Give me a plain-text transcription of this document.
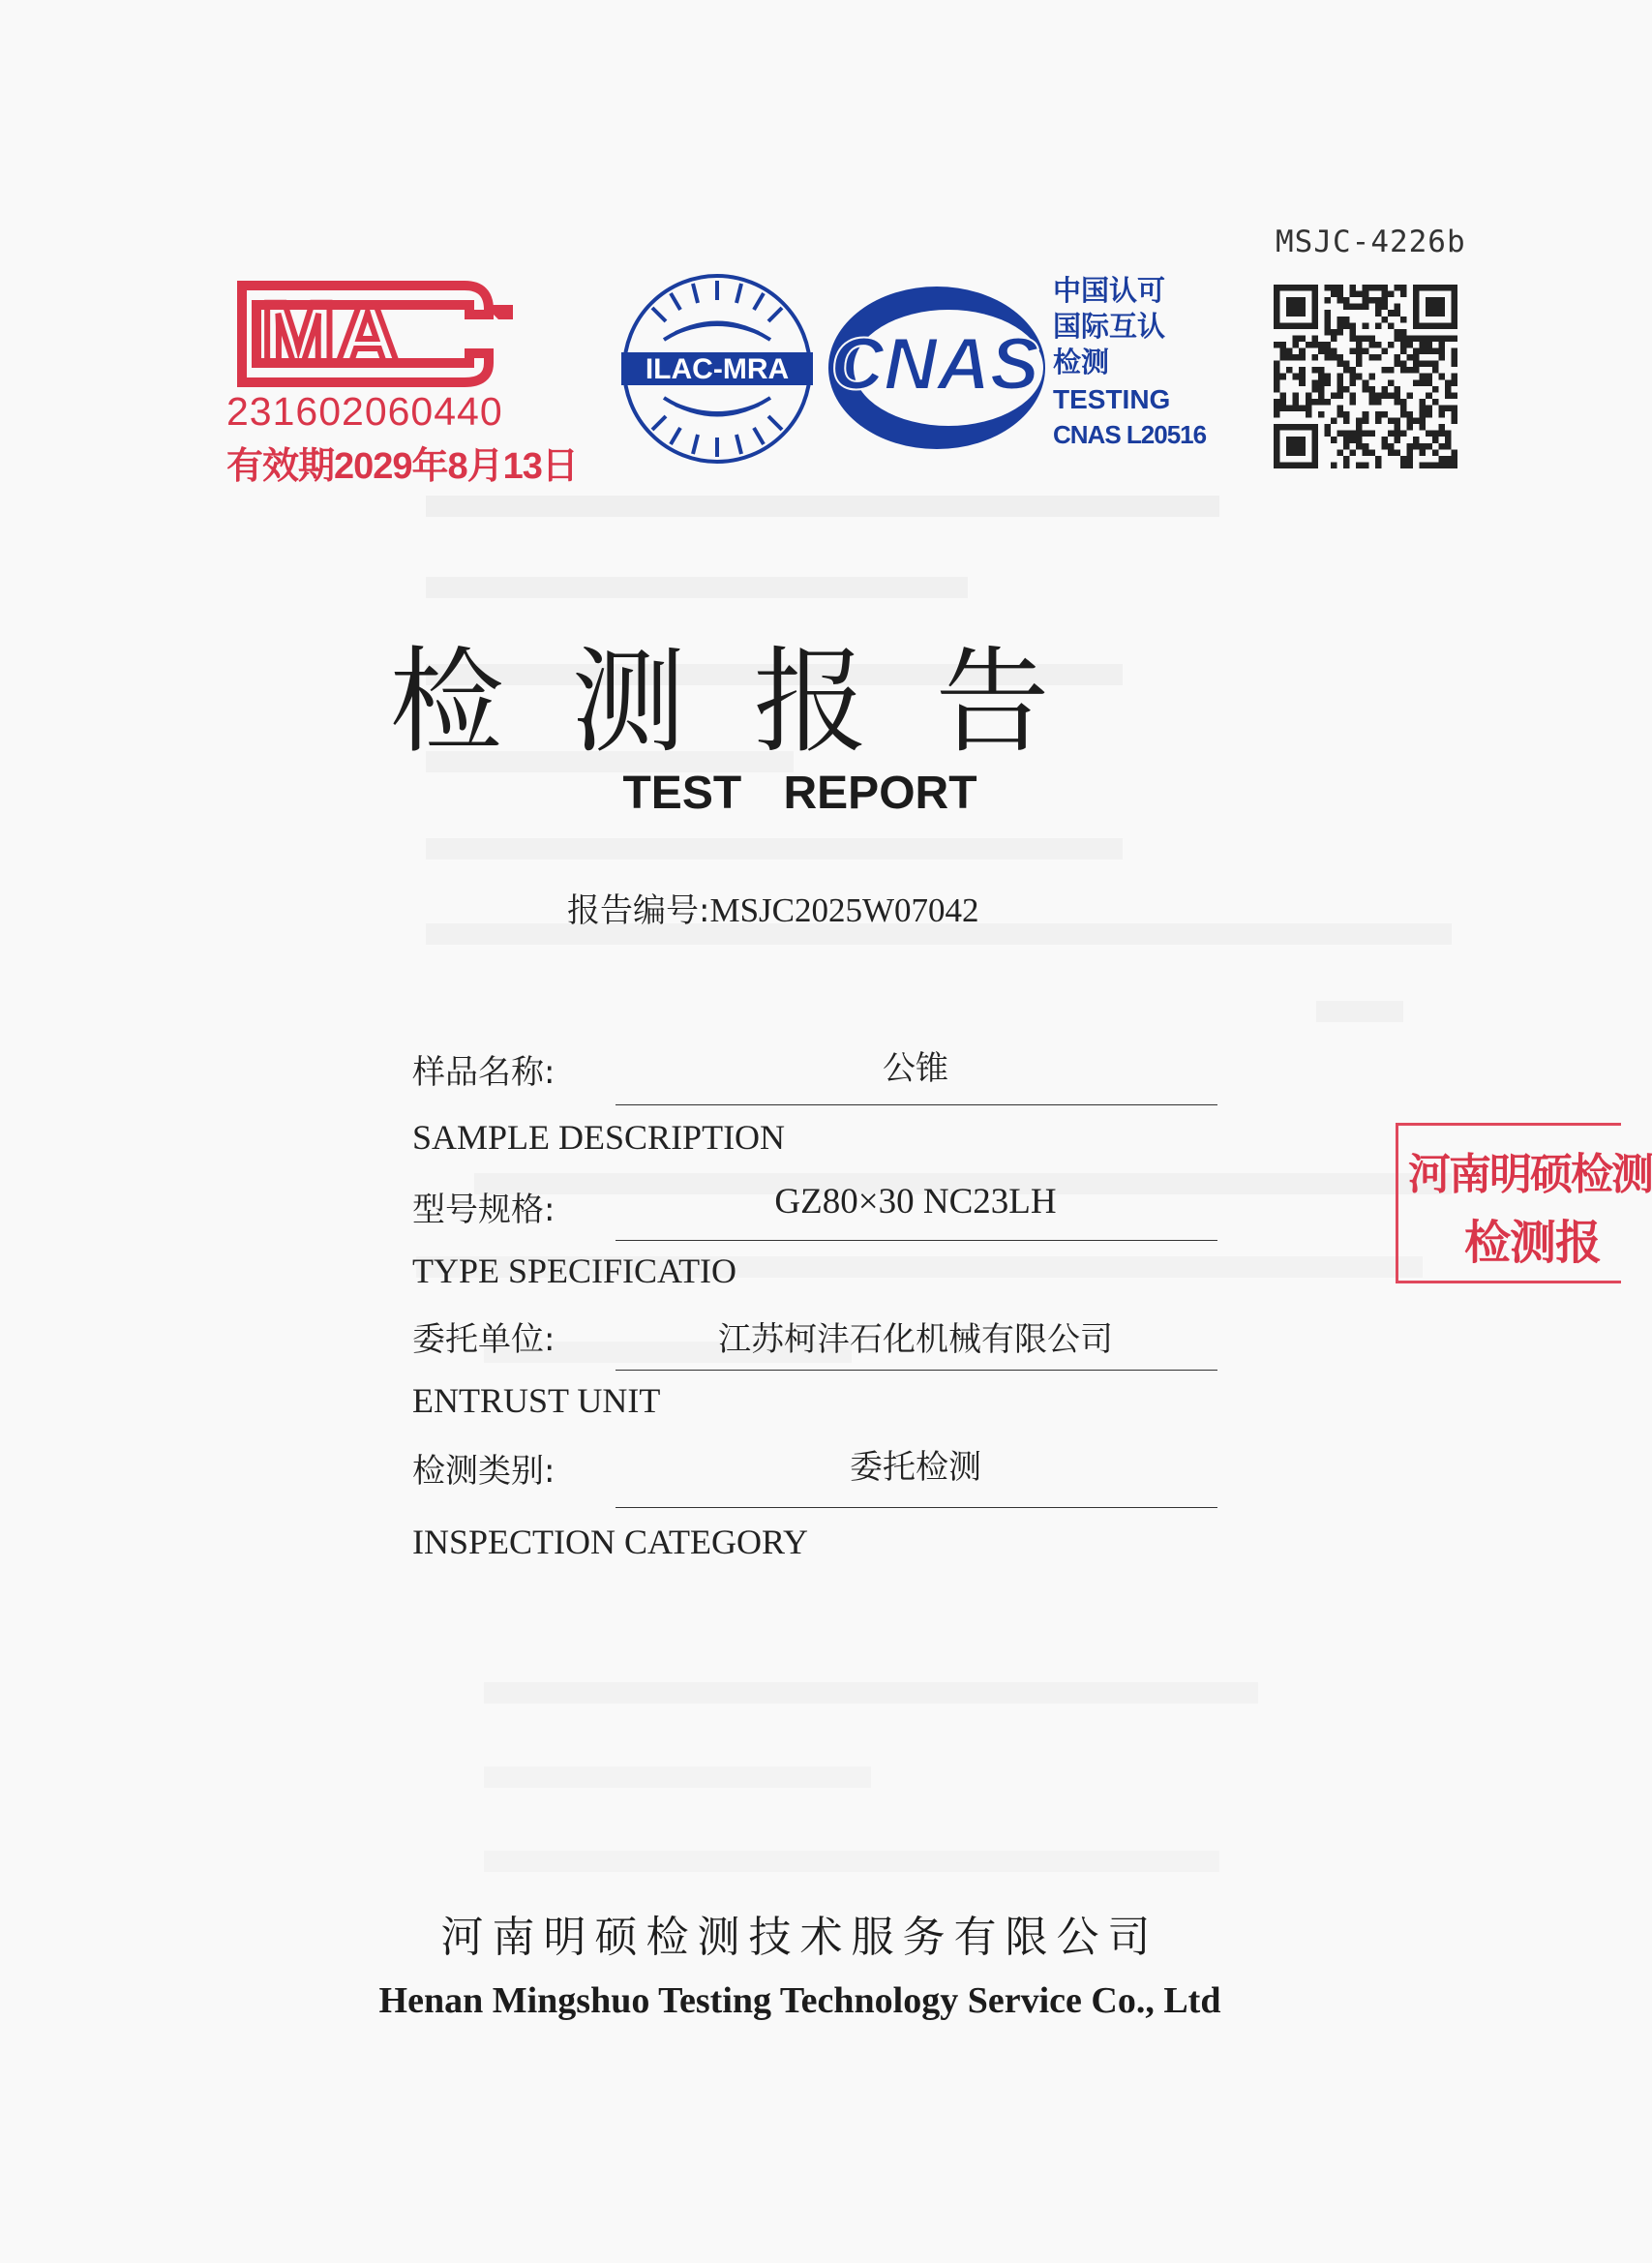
MSJC-4226b
MA
231602060440
有效期2029年8月13日
ILAC-MRA CNAS
中国认可
国际互认
检测
TESTING
CNAS L20516
检测报告
TEST REPORT
报告编号:MSJC2025W07042
样品名称:	公锥
SAMPLE DESCRIPTION
型号规格:	GZ80×30 NC23LH
TYPE SPECIFICATIO
委托单位:	江苏柯沣石化机械有限公司
ENTRUST UNIT
检测类别:	委托检测
INSPECTION CATEGORY
河南明硕检测
检测报
河南明硕检测技术服务有限公司
Henan Mingshuo Testing Technology Service Co., Ltd
